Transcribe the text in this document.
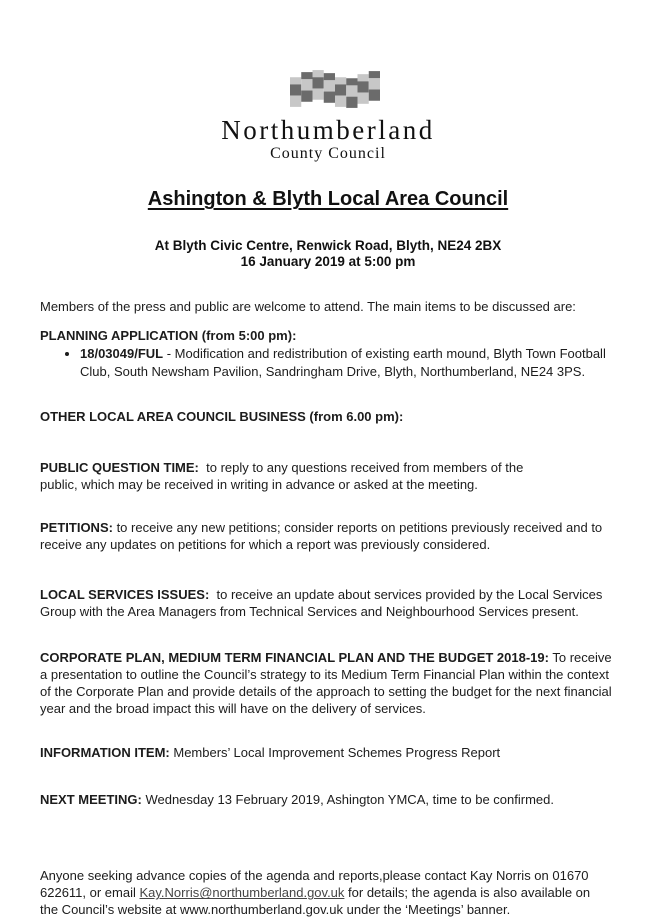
Northumberland
County Council
Ashington & Blyth Local Area Council
At Blyth Civic Centre, Renwick Road, Blyth, NE24 2BX
16 January 2019 at 5:00 pm

Members of the press and public are welcome to attend. The main items to be discussed are:

PLANNING APPLICATION (from 5:00 pm):

• 18/03049/FUL - Modification and redistribution of existing earth mound, Blyth Town Football Club, South Newsham Pavilion, Sandringham Drive, Blyth, Northumberland, NE24 3PS.

OTHER LOCAL AREA COUNCIL BUSINESS (from 6.00 pm):

PUBLIC QUESTION TIME:  to reply to any questions received from members of the public, which may be received in writing in advance or asked at the meeting.

PETITIONS: to receive any new petitions; consider reports on petitions previously received and to receive any updates on petitions for which a report was previously considered.

LOCAL SERVICES ISSUES:  to receive an update about services provided by the Local Services Group with the Area Managers from Technical Services and Neighbourhood Services present.

CORPORATE PLAN, MEDIUM TERM FINANCIAL PLAN AND THE BUDGET 2018-19: To receive a presentation to outline the Council’s strategy to its Medium Term Financial Plan within the context of the Corporate Plan and provide details of the approach to setting the budget for the next financial year and the broad impact this will have on the delivery of services.

INFORMATION ITEM: Members’ Local Improvement Schemes Progress Report

NEXT MEETING: Wednesday 13 February 2019, Ashington YMCA, time to be confirmed.

Anyone seeking advance copies of the agenda and reports,please contact Kay Norris on 01670 622611, or email Kay.Norris@northumberland.gov.uk for details; the agenda is also available on the Council’s website at www.northumberland.gov.uk under the ‘Meetings’ banner.
